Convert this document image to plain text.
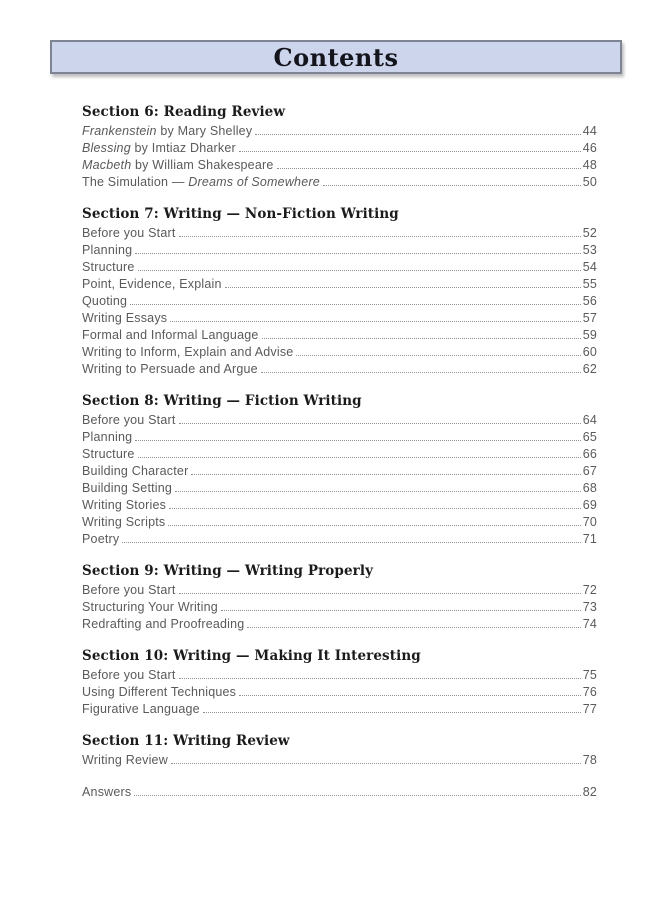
Contents
Section 6: Reading Review
Frankenstein by Mary Shelley	44
Blessing by Imtiaz Dharker	46
Macbeth by William Shakespeare	48
The Simulation — Dreams of Somewhere	50
Section 7: Writing — Non-Fiction Writing
Before you Start	52
Planning	53
Structure	54
Point, Evidence, Explain	55
Quoting	56
Writing Essays	57
Formal and Informal Language	59
Writing to Inform, Explain and Advise	60
Writing to Persuade and Argue	62
Section 8: Writing — Fiction Writing
Before you Start	64
Planning	65
Structure	66
Building Character	67
Building Setting	68
Writing Stories	69
Writing Scripts	70
Poetry	71
Section 9: Writing — Writing Properly
Before you Start	72
Structuring Your Writing	73
Redrafting and Proofreading	74
Section 10: Writing — Making It Interesting
Before you Start	75
Using Different Techniques	76
Figurative Language	77
Section 11: Writing Review
Writing Review	78
Answers	82
